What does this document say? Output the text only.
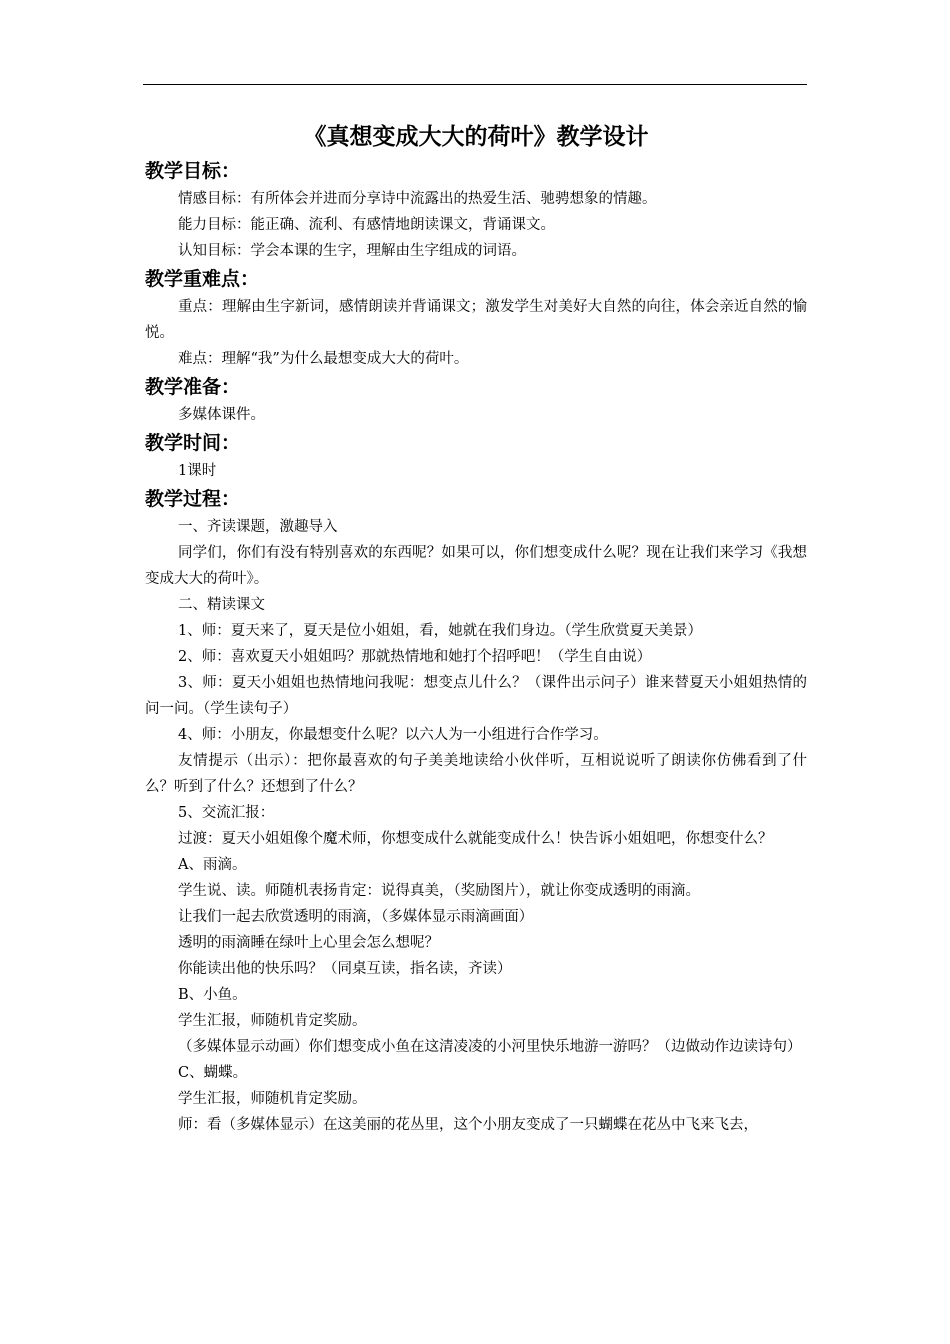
《真想变成大大的荷叶》教学设计
教学目标：

情感目标：有所体会并进而分享诗中流露出的热爱生活、驰骋想象的情趣。

能力目标：能正确、流利、有感情地朗读课文，背诵课文。

认知目标：学会本课的生字，理解由生字组成的词语。

教学重难点：

重点：理解由生字新词，感情朗读并背诵课文；激发学生对美好大自然的向往，体会亲近自然的愉悦。

难点：理解“我”为什么最想变成大大的荷叶。

教学准备：

多媒体课件。

教学时间：

1课时

教学过程：

一、齐读课题，激趣导入

同学们，你们有没有特别喜欢的东西呢？如果可以，你们想变成什么呢？现在让我们来学习《我想变成大大的荷叶》。

二、精读课文

1、师：夏天来了，夏天是位小姐姐，看，她就在我们身边。（学生欣赏夏天美景）

2、师：喜欢夏天小姐姐吗？那就热情地和她打个招呼吧！（学生自由说）

3、师：夏天小姐姐也热情地问我呢：想变点儿什么？（课件出示问子）谁来替夏天小姐姐热情的问一问。（学生读句子）

4、师：小朋友，你最想变什么呢？以六人为一小组进行合作学习。

友情提示（出示）：把你最喜欢的句子美美地读给小伙伴听，互相说说听了朗读你仿佛看到了什么？听到了什么？还想到了什么？

5、交流汇报：

过渡：夏天小姐姐像个魔术师，你想变成什么就能变成什么！快告诉小姐姐吧，你想变什么？

A、雨滴。

学生说、读。师随机表扬肯定：说得真美，（奖励图片），就让你变成透明的雨滴。

让我们一起去欣赏透明的雨滴，（多媒体显示雨滴画面）

透明的雨滴睡在绿叶上心里会怎么想呢？

你能读出他的快乐吗？（同桌互读，指名读，齐读）

B、小鱼。

学生汇报，师随机肯定奖励。

（多媒体显示动画）你们想变成小鱼在这清凌凌的小河里快乐地游一游吗？（边做动作边读诗句）

C、蝴蝶。

学生汇报，师随机肯定奖励。

师：看（多媒体显示）在这美丽的花丛里，这个小朋友变成了一只蝴蝶在花丛中飞来飞去，
